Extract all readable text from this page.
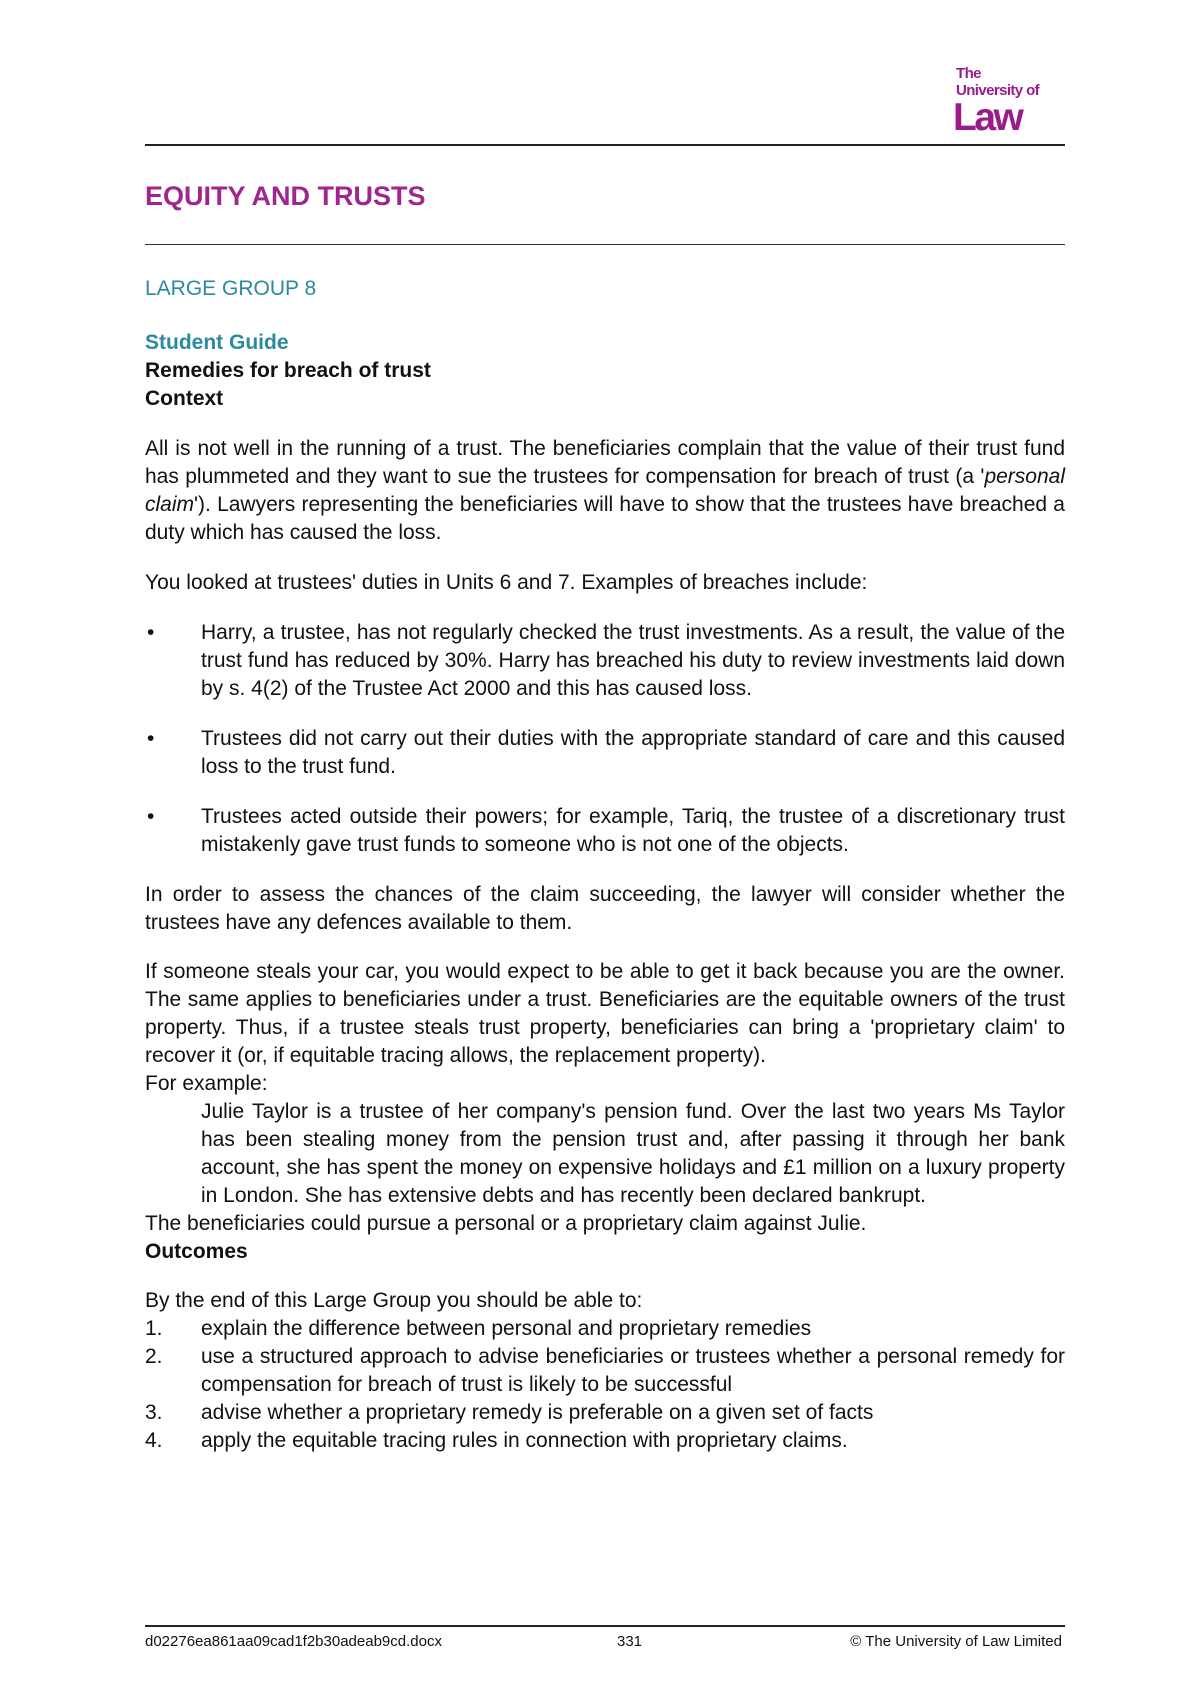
The
University of
Law
EQUITY AND TRUSTS
LARGE GROUP 8

Student Guide

Remedies for breach of trust

Context

All is not well in the running of a trust. The beneficiaries complain that the value of their trust fund has plummeted and they want to sue the trustees for compensation for breach of trust (a 'personal claim'). Lawyers representing the beneficiaries will have to show that the trustees have breached a duty which has caused the loss.

You looked at trustees' duties in Units 6 and 7. Examples of breaches include:

• Harry, a trustee, has not regularly checked the trust investments. As a result, the value of the trust fund has reduced by 30%. Harry has breached his duty to review investments laid down by s. 4(2) of the Trustee Act 2000 and this has caused loss.
• Trustees did not carry out their duties with the appropriate standard of care and this caused loss to the trust fund.
• Trustees acted outside their powers; for example, Tariq, the trustee of a discretionary trust mistakenly gave trust funds to someone who is not one of the objects.

In order to assess the chances of the claim succeeding, the lawyer will consider whether the trustees have any defences available to them.

If someone steals your car, you would expect to be able to get it back because you are the owner. The same applies to beneficiaries under a trust. Beneficiaries are the equitable owners of the trust property. Thus, if a trustee steals trust property, beneficiaries can bring a 'proprietary claim' to recover it (or, if equitable tracing allows, the replacement property).

For example:

Julie Taylor is a trustee of her company's pension fund. Over the last two years Ms Taylor has been stealing money from the pension trust and, after passing it through her bank account, she has spent the money on expensive holidays and £1 million on a luxury property in London. She has extensive debts and has recently been declared bankrupt.

The beneficiaries could pursue a personal or a proprietary claim against Julie.

Outcomes

By the end of this Large Group you should be able to:

1. explain the difference between personal and proprietary remedies
2. use a structured approach to advise beneficiaries or trustees whether a personal remedy for compensation for breach of trust is likely to be successful
3. advise whether a proprietary remedy is preferable on a given set of facts
4. apply the equitable tracing rules in connection with proprietary claims.
d02276ea861aa09cad1f2b30adeab9cd.docx	331	© The University of Law Limited
